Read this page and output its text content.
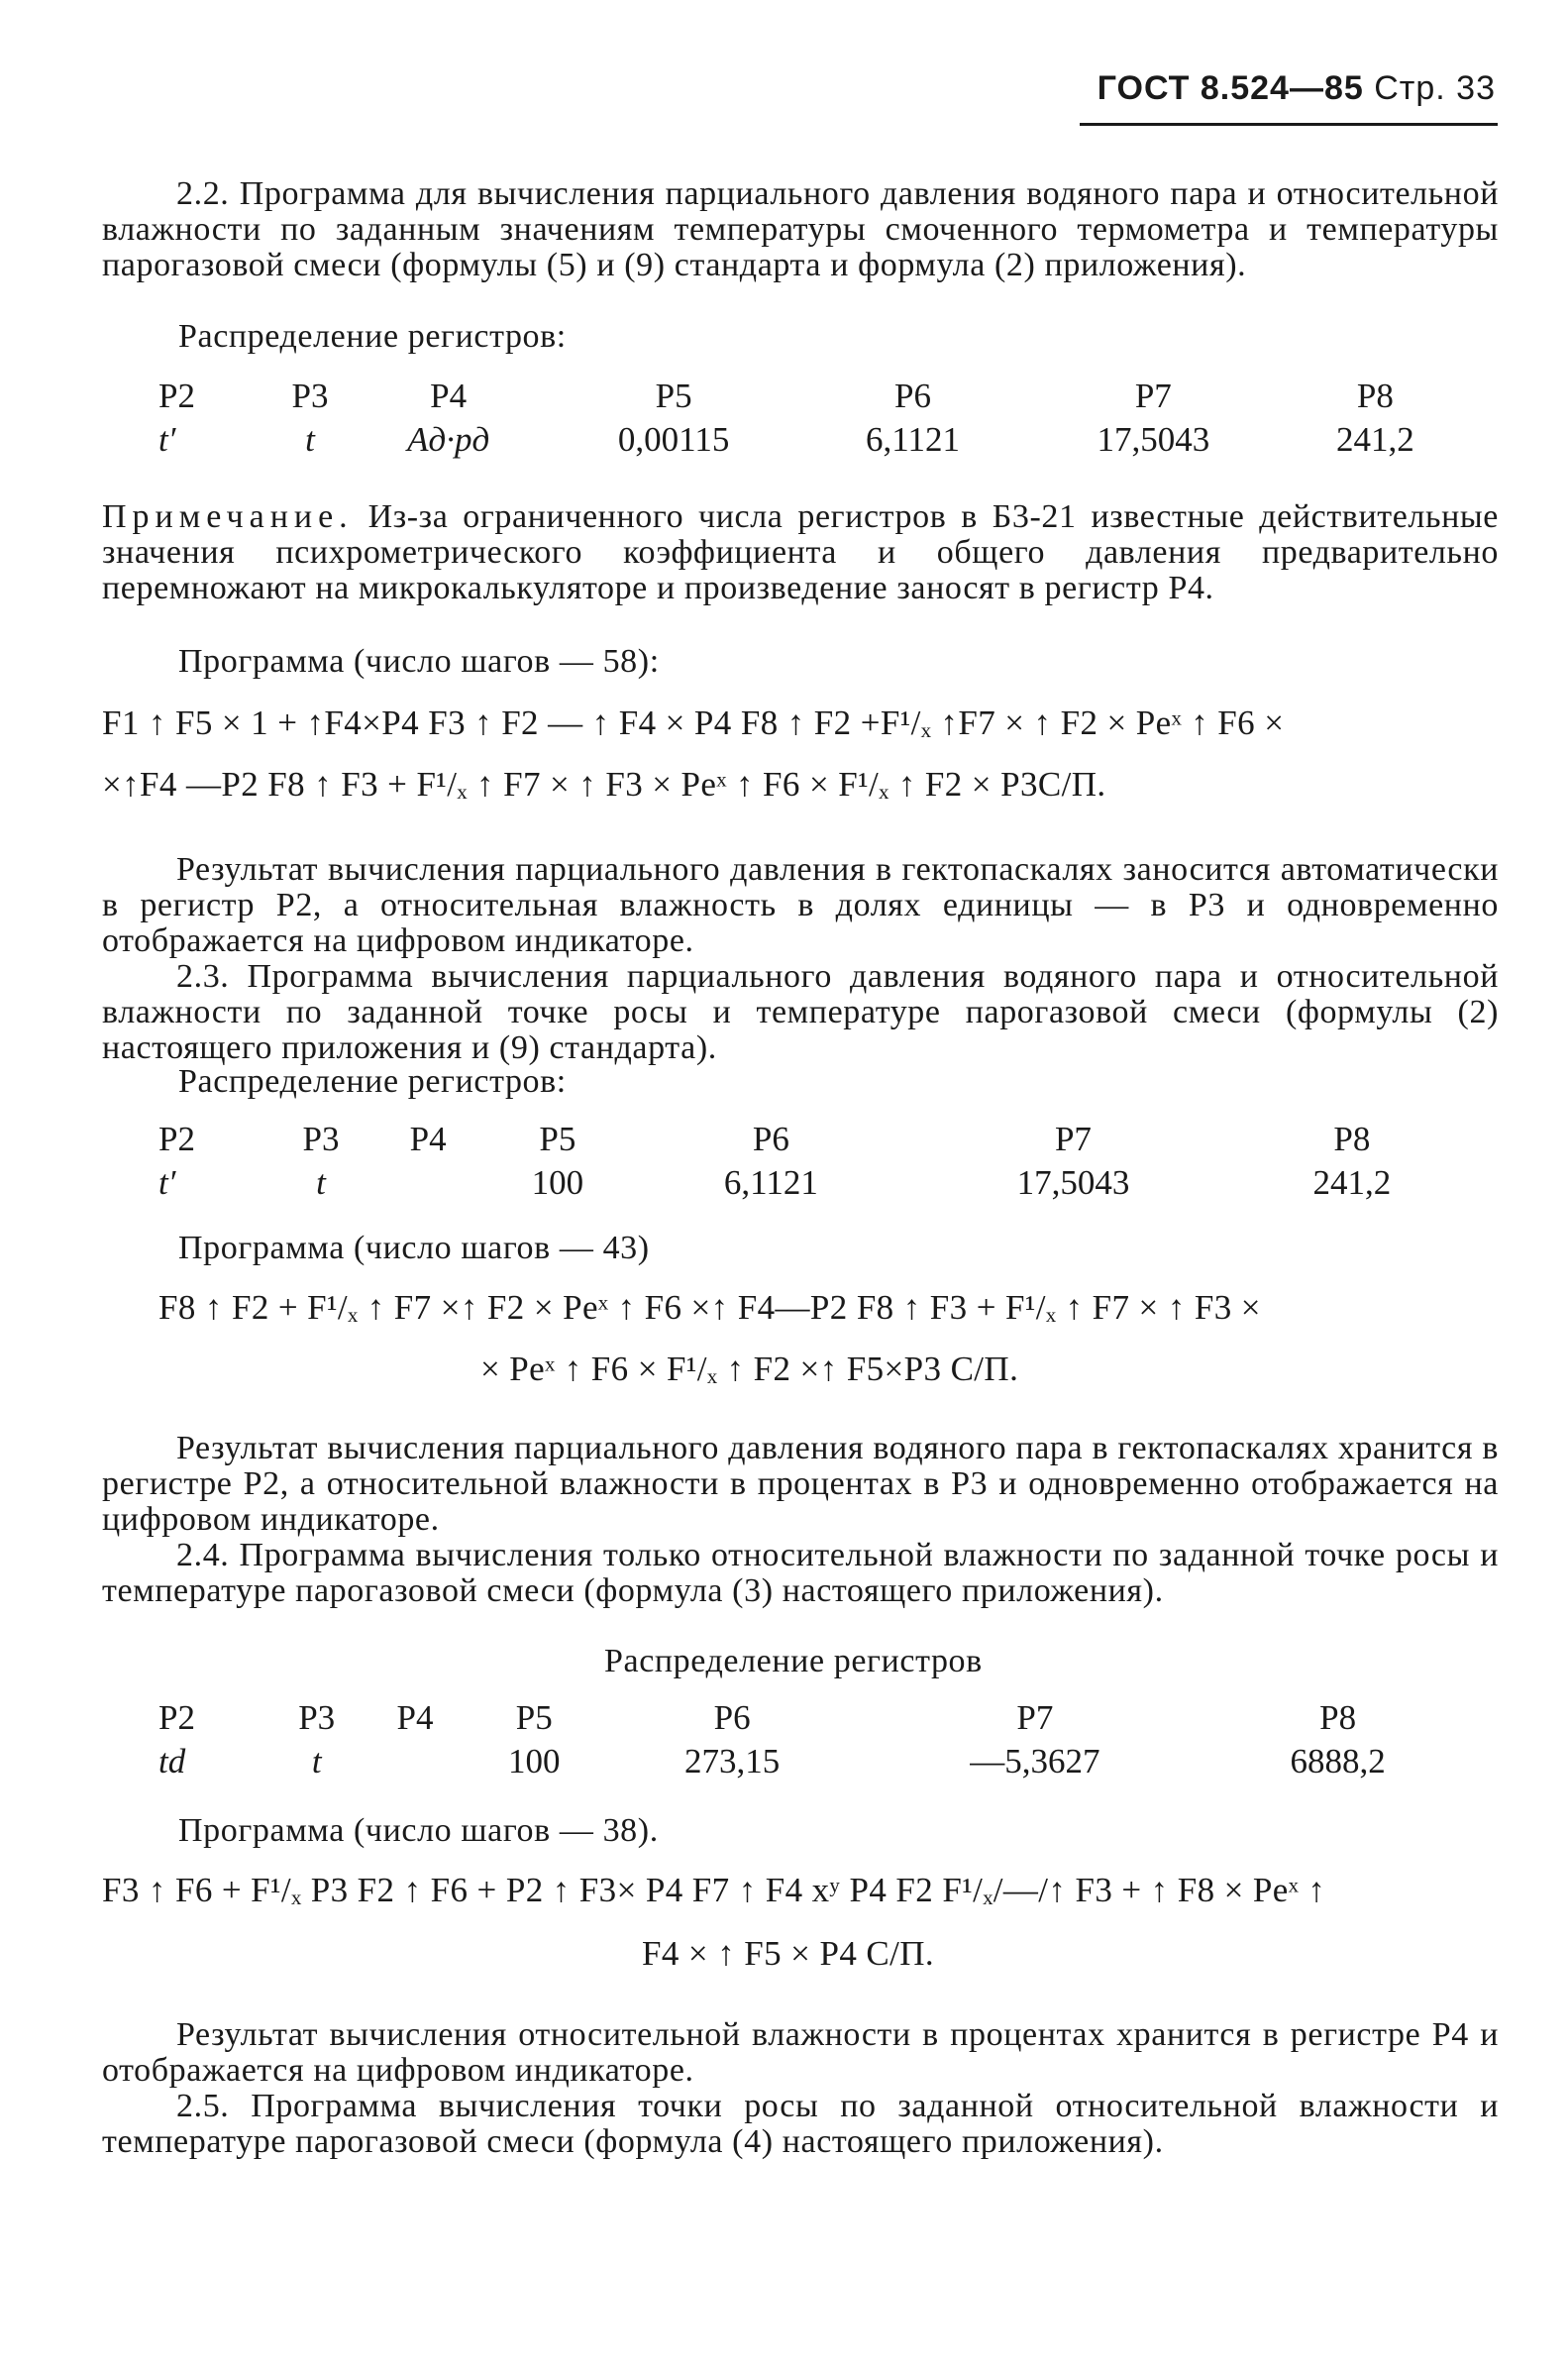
ГОСТ 8.524—85 Стр. 33

2.2. Программа для вычисления парциального давления водяного пара и относительной влажности по заданным значениям температуры смоченного термометра и температуры парогазовой смеси (формулы (5) и (9) стандарта и формула (2) приложения).

Распределение регистров:

Р2	Р3	Р4	Р5	Р6	Р7	Р8
t′	t	Aд·pд	0,00115	6,1121	17,5043	241,2

Примечание. Из-за ограниченного числа регистров в Б3-21 известные действительные значения психрометрического коэффициента и общего давления предварительно перемножают на микрокалькуляторе и произведение заносят в регистр Р4.

Программа (число шагов — 58):

F1 ↑ F5 × 1 + ↑F4×P4 F3 ↑ F2 — ↑ F4 × P4 F8 ↑ F2 +F¹/ₓ ↑F7 × ↑ F2 × Peˣ ↑ F6 ×

×↑F4 —P2 F8 ↑ F3 + F¹/ₓ ↑ F7 × ↑ F3 × Peˣ ↑ F6 × F¹/ₓ ↑ F2 × P3C/П.

Результат вычисления парциального давления в гектопаскалях заносится автоматически в регистр Р2, а относительная влажность в долях единицы — в Р3 и одновременно отображается на цифровом индикаторе.

2.3. Программа вычисления парциального давления водяного пара и относительной влажности по заданной точке росы и температуре парогазовой смеси (формулы (2) настоящего приложения и (9) стандарта).

Распределение регистров:

Р2	Р3	Р4	Р5	Р6	Р7	Р8
t′	t		100	6,1121	17,5043	241,2

Программа (число шагов — 43)

F8 ↑ F2 + F¹/ₓ ↑ F7 ×↑ F2 × Peˣ ↑ F6 ×↑ F4—P2 F8 ↑ F3 + F¹/ₓ ↑ F7 × ↑ F3 ×

× Peˣ ↑ F6 × F¹/ₓ ↑ F2 ×↑ F5×P3 C/П.

Результат вычисления парциального давления водяного пара в гектопаскалях хранится в регистре Р2, а относительной влажности в процентах в Р3 и одновременно отображается на цифровом индикаторе.

2.4. Программа вычисления только относительной влажности по заданной точке росы и температуре парогазовой смеси (формула (3) настоящего приложения).

Распределение регистров

Р2	Р3	Р4	Р5	Р6	Р7	Р8
td	t		100	273,15	—5,3627	6888,2

Программа (число шагов — 38).

F3 ↑ F6 + F¹/ₓ P3 F2 ↑ F6 + P2 ↑ F3× P4 F7 ↑ F4 xʸ P4 F2 F¹/ₓ/—/↑ F3 + ↑ F8 × Peˣ ↑

F4 × ↑ F5 × P4 C/П.

Результат вычисления относительной влажности в процентах хранится в регистре Р4 и отображается на цифровом индикаторе.

2.5. Программа вычисления точки росы по заданной относительной влажности и температуре парогазовой смеси (формула (4) настоящего приложения).
